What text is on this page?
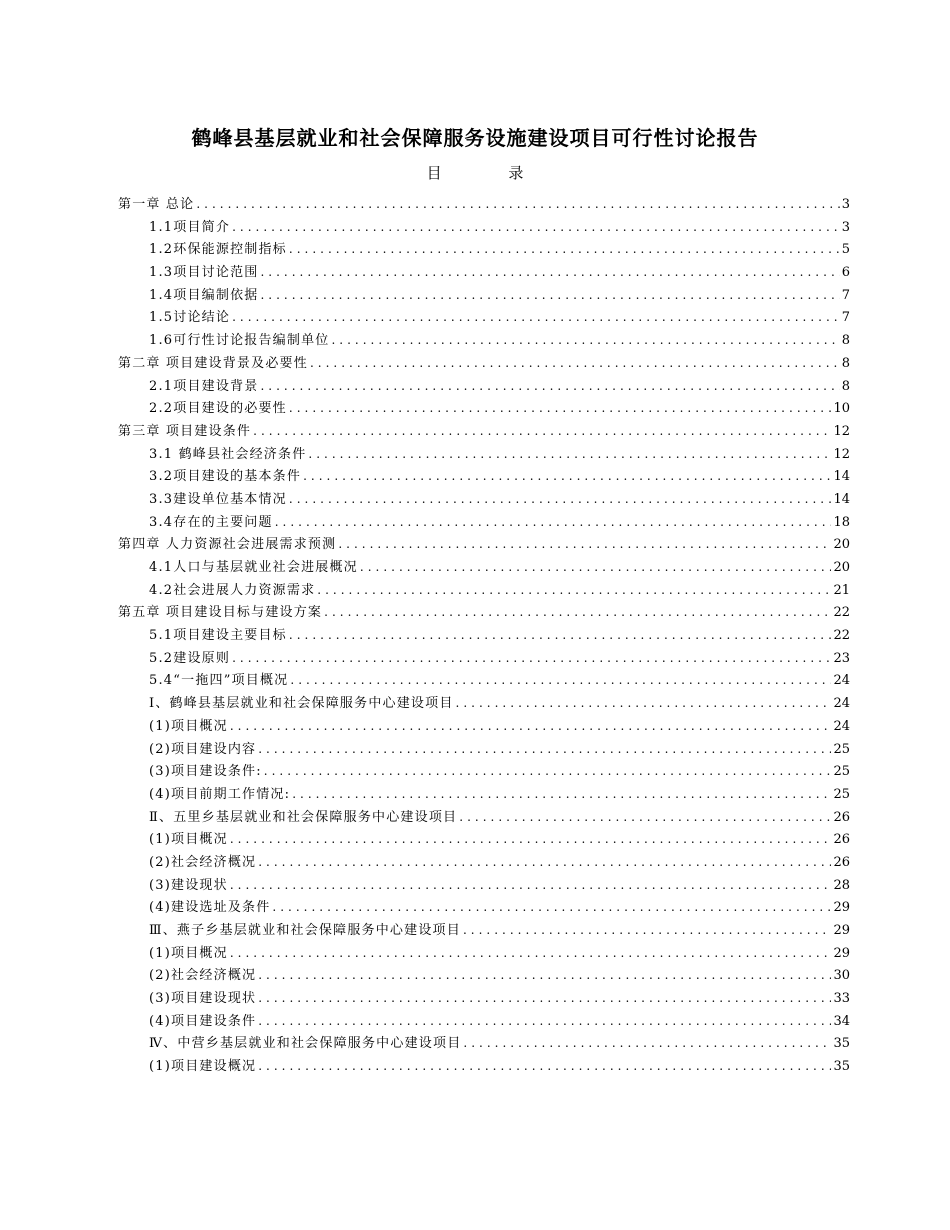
鹤峰县基层就业和社会保障服务设施建设项目可行性讨论报告
目	录
第一章 总论 .....	3
1.1项目简介 .....	3
1.2环保能源控制指标 .....	5
1.3项目讨论范围 .....	6
1.4项目编制依据 .....	7
1.5讨论结论 .....	7
1.6可行性讨论报告编制单位 .....	8
第二章 项目建设背景及必要性 .....	8
2.1项目建设背景 .....	8
2.2项目建设的必要性 .....	10
第三章 项目建设条件 .....	12
3.1 鹤峰县社会经济条件 .....	12
3.2项目建设的基本条件 .....	14
3.3建设单位基本情况 .....	14
3.4存在的主要问题 .....	18
第四章 人力资源社会进展需求预测 .....	20
4.1人口与基层就业社会进展概况 .....	20
4.2社会进展人力资源需求 .....	21
第五章 项目建设目标与建设方案 .....	22
5.1项目建设主要目标 .....	22
5.2建设原则 .....	23
5.4“一拖四”项目概况 .....	24
Ⅰ、鹤峰县基层就业和社会保障服务中心建设项目 .....	24
(1)项目概况 .....	24
(2)项目建设内容 .....	25
(3)项目建设条件: .....	25
(4)项目前期工作情况: .....	25
Ⅱ、五里乡基层就业和社会保障服务中心建设项目 .....	26
(1)项目概况 .....	26
(2)社会经济概况 .....	26
(3)建设现状 .....	28
(4)建设选址及条件 .....	29
Ⅲ、燕子乡基层就业和社会保障服务中心建设项目 .....	29
(1)项目概况 .....	29
(2)社会经济概况 .....	30
(3)项目建设现状 .....	33
(4)项目建设条件 .....	34
Ⅳ、中营乡基层就业和社会保障服务中心建设项目 .....	35
(1)项目建设概况 .....	35
